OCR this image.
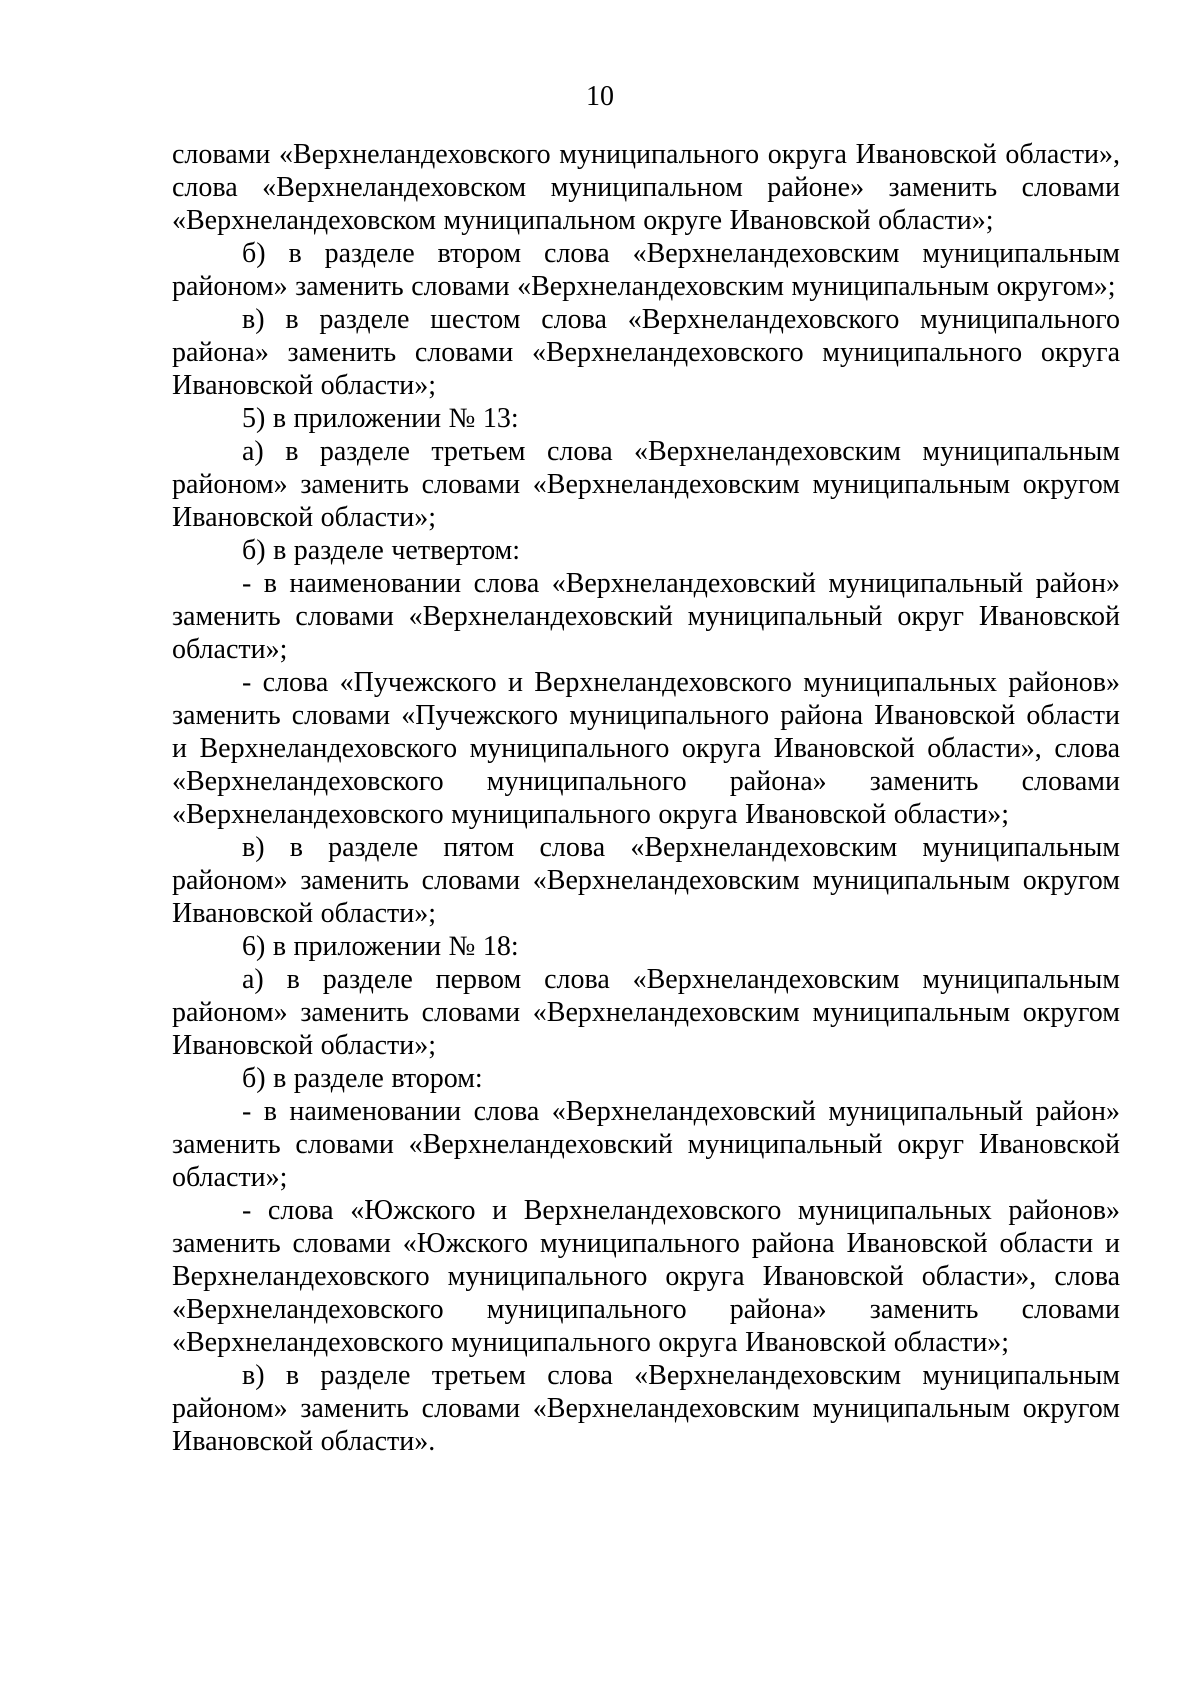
10

словами «Верхнеландеховского муниципального округа Ивановской области», слова «Верхнеландеховском муниципальном районе» заменить словами «Верхнеландеховском муниципальном округе Ивановской области»;

б) в разделе втором слова «Верхнеландеховским муниципальным районом» заменить словами «Верхнеландеховским муниципальным округом»;

в) в разделе шестом слова «Верхнеландеховского муниципального района» заменить словами «Верхнеландеховского муниципального округа Ивановской области»;

5) в приложении № 13:

а) в разделе третьем слова «Верхнеландеховским муниципальным районом» заменить словами «Верхнеландеховским муниципальным округом Ивановской области»;

б) в разделе четвертом:

- в наименовании слова «Верхнеландеховский муниципальный район» заменить словами «Верхнеландеховский муниципальный округ Ивановской области»;

- слова «Пучежского и Верхнеландеховского муниципальных районов» заменить словами «Пучежского муниципального района Ивановской области и Верхнеландеховского муниципального округа Ивановской области», слова «Верхнеландеховского муниципального района» заменить словами «Верхнеландеховского муниципального округа Ивановской области»;

в) в разделе пятом слова «Верхнеландеховским муниципальным районом» заменить словами «Верхнеландеховским муниципальным округом Ивановской области»;

6) в приложении № 18:

а) в разделе первом слова «Верхнеландеховским муниципальным районом» заменить словами «Верхнеландеховским муниципальным округом Ивановской области»;

б) в разделе втором:

- в наименовании слова «Верхнеландеховский муниципальный район» заменить словами «Верхнеландеховский муниципальный округ Ивановской области»;

- слова «Южского и Верхнеландеховского муниципальных районов» заменить словами «Южского муниципального района Ивановской области и Верхнеландеховского муниципального округа Ивановской области», слова «Верхнеландеховского муниципального района» заменить словами «Верхнеландеховского муниципального округа Ивановской области»;

в) в разделе третьем слова «Верхнеландеховским муниципальным районом» заменить словами «Верхнеландеховским муниципальным округом Ивановской области».
